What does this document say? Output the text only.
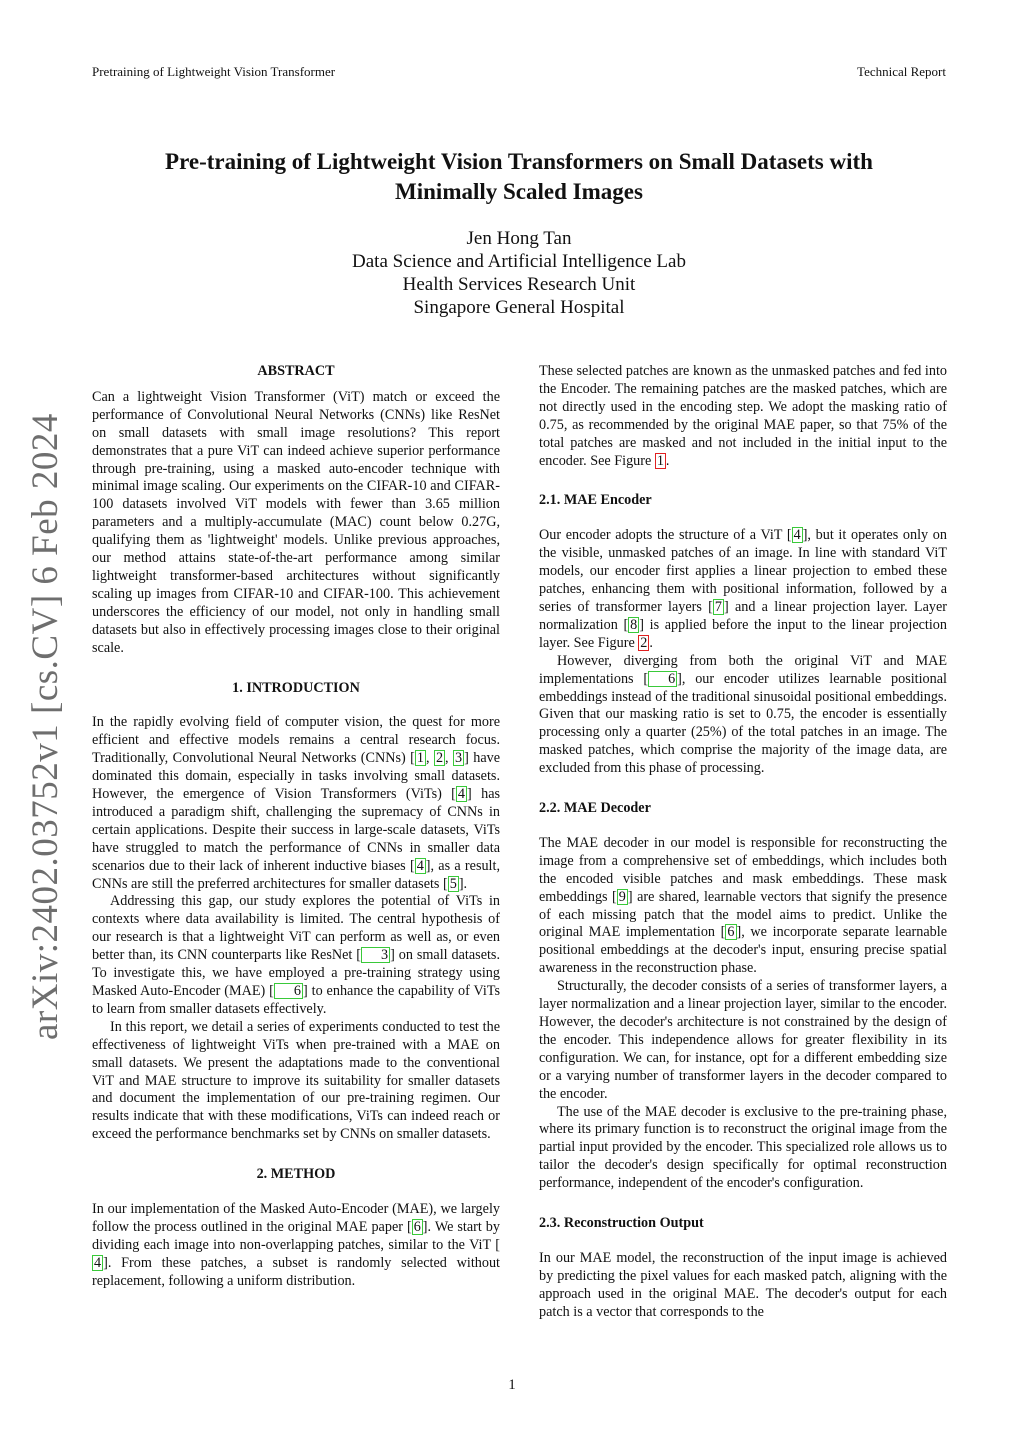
Pretraining of Lightweight Vision Transformer	Technical Report
arXiv:2402.03752v1 [cs.CV] 6 Feb 2024
Pre-training of Lightweight Vision Transformers on Small Datasets with
Minimally Scaled Images
Jen Hong Tan
Data Science and Artificial Intelligence Lab
Health Services Research Unit
Singapore General Hospital
ABSTRACT

Can a lightweight Vision Transformer (ViT) match or exceed the performance of Convolutional Neural Networks (CNNs) like ResNet on small datasets with small image resolutions? This report demonstrates that a pure ViT can indeed achieve superior performance through pre-training, using a masked auto-encoder technique with minimal image scaling. Our experiments on the CIFAR-10 and CIFAR-100 datasets involved ViT models with fewer than 3.65 million parameters and a multiply-accumulate (MAC) count below 0.27G, qualifying them as 'lightweight' models. Unlike previous approaches, our method attains state-of-the-art performance among similar lightweight transformer-based architectures without significantly scaling up images from CIFAR-10 and CIFAR-100. This achievement underscores the efficiency of our model, not only in handling small datasets but also in effectively processing images close to their original scale.

1. INTRODUCTION

In the rapidly evolving field of computer vision, the quest for more efficient and effective models remains a central research focus. Traditionally, Convolutional Neural Networks (CNNs) [ 1 , 2 , 3 ] have dominated this domain, especially in tasks involving small datasets. However, the emergence of Vision Transformers (ViTs) [ 4 ] has introduced a paradigm shift, challenging the supremacy of CNNs in certain applications. Despite their success in large-scale datasets, ViTs have struggled to match the performance of CNNs in smaller data scenarios due to their lack of inherent inductive biases [ 4 ], as a result, CNNs are still the preferred architectures for smaller datasets [ 5 ].

Addressing this gap, our study explores the potential of ViTs in contexts where data availability is limited. The central hypothesis of our research is that a lightweight ViT can perform as well as, or even better than, its CNN counterparts like ResNet [ 3 ] on small datasets. To investigate this, we have employed a pre-training strategy using Masked Auto-Encoder (MAE) [ 6 ] to enhance the capability of ViTs to learn from smaller datasets effectively.

In this report, we detail a series of experiments conducted to test the effectiveness of lightweight ViTs when pre-trained with a MAE on small datasets. We present the adaptations made to the conventional ViT and MAE structure to improve its suitability for smaller datasets and document the implementation of our pre-training regimen. Our results indicate that with these modifications, ViTs can indeed reach or exceed the performance benchmarks set by CNNs on smaller datasets.

2. METHOD

In our implementation of the Masked Auto-Encoder (MAE), we largely follow the process outlined in the original MAE paper [ 6 ]. We start by dividing each image into non-overlapping patches, similar to the ViT [4 ]. From these patches, a subset is randomly selected without replacement, following a uniform distribution.

These selected patches are known as the unmasked patches and fed into the Encoder. The remaining patches are the masked patches, which are not directly used in the encoding step. We adopt the masking ratio of 0.75, as recommended by the original MAE paper, so that 75% of the total patches are masked and not included in the initial input to the encoder. See Figure 1 .

2.1. MAE Encoder

Our encoder adopts the structure of a ViT [ 4 ], but it operates only on the visible, unmasked patches of an image. In line with standard ViT models, our encoder first applies a linear projection to embed these patches, enhancing them with positional information, followed by a series of transformer layers [ 7 ] and a linear projection layer. Layer normalization [ 8 ] is applied before the input to the linear projection layer. See Figure 2 .

However, diverging from both the original ViT and MAE implementations [ 6 ], our encoder utilizes learnable positional embeddings instead of the traditional sinusoidal positional embeddings. Given that our masking ratio is set to 0.75, the encoder is essentially processing only a quarter (25%) of the total patches in an image. The masked patches, which comprise the majority of the image data, are excluded from this phase of processing.

2.2. MAE Decoder

The MAE decoder in our model is responsible for reconstructing the image from a comprehensive set of embeddings, which includes both the encoded visible patches and mask embeddings. These mask embeddings [ 9 ] are shared, learnable vectors that signify the presence of each missing patch that the model aims to predict. Unlike the original MAE implementation [ 6 ], we incorporate separate learnable positional embeddings at the decoder's input, ensuring precise spatial awareness in the reconstruction phase.

Structurally, the decoder consists of a series of transformer layers, a layer normalization and a linear projection layer, similar to the encoder. However, the decoder's architecture is not constrained by the design of the encoder. This independence allows for greater flexibility in its configuration. We can, for instance, opt for a different embedding size or a varying number of transformer layers in the decoder compared to the encoder.

The use of the MAE decoder is exclusive to the pre-training phase, where its primary function is to reconstruct the original image from the partial input provided by the encoder. This specialized role allows us to tailor the decoder's design specifically for optimal reconstruction performance, independent of the encoder's configuration.

2.3. Reconstruction Output

In our MAE model, the reconstruction of the input image is achieved by predicting the pixel values for each masked patch, aligning with the approach used in the original MAE. The decoder's output for each patch is a vector that corresponds to the

1
